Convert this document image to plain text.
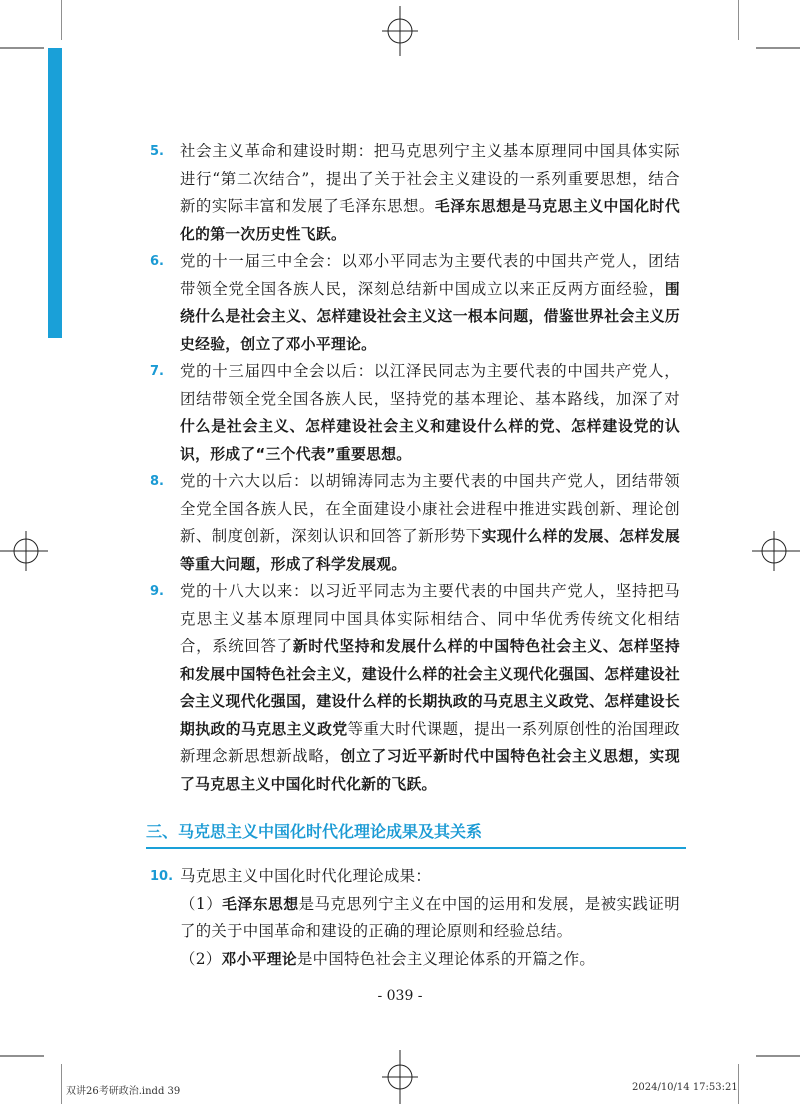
5.	社会主义革命和建设时期：把马克思列宁主义基本原理同中国具体实际进行“第二次结合”，提出了关于社会主义建设的一系列重要思想，结合新的实际丰富和发展了毛泽东思想。毛泽东思想是马克思主义中国化时代化的第一次历史性飞跃。
6.	党的十一届三中全会：以邓小平同志为主要代表的中国共产党人，团结带领全党全国各族人民，深刻总结新中国成立以来正反两方面经验，围绕什么是社会主义、怎样建设社会主义这一根本问题，借鉴世界社会主义历史经验，创立了邓小平理论。
7.	党的十三届四中全会以后：以江泽民同志为主要代表的中国共产党人，团结带领全党全国各族人民，坚持党的基本理论、基本路线，加深了对什么是社会主义、怎样建设社会主义和建设什么样的党、怎样建设党的认识，形成了“三个代表”重要思想。
8.	党的十六大以后：以胡锦涛同志为主要代表的中国共产党人，团结带领全党全国各族人民，在全面建设小康社会进程中推进实践创新、理论创新、制度创新，深刻认识和回答了新形势下实现什么样的发展、怎样发展等重大问题，形成了科学发展观。
9.	党的十八大以来：以习近平同志为主要代表的中国共产党人，坚持把马克思主义基本原理同中国具体实际相结合、同中华优秀传统文化相结合，系统回答了新时代坚持和发展什么样的中国特色社会主义、怎样坚持和发展中国特色社会主义，建设什么样的社会主义现代化强国、怎样建设社会主义现代化强国，建设什么样的长期执政的马克思主义政党、怎样建设长期执政的马克思主义政党等重大时代课题，提出一系列原创性的治国理政新理念新思想新战略，创立了习近平新时代中国特色社会主义思想，实现了马克思主义中国化时代化新的飞跃。
三、马克思主义中国化时代化理论成果及其关系
10. 马克思主义中国化时代化理论成果：
（1）毛泽东思想是马克思列宁主义在中国的运用和发展，是被实践证明了的关于中国革命和建设的正确的理论原则和经验总结。
（2）邓小平理论是中国特色社会主义理论体系的开篇之作。
- 039 -
双讲26考研政治.indd 39	2024/10/14 17:53:21
